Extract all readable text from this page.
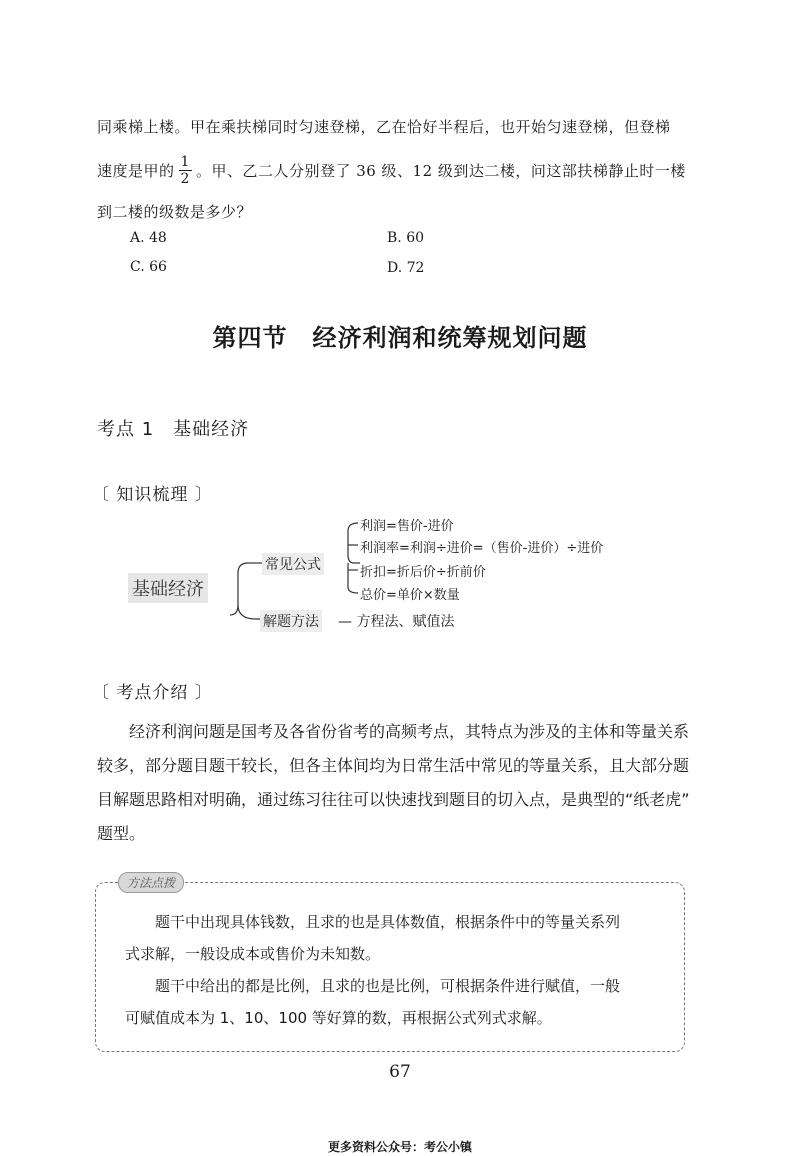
同乘梯上楼。甲在乘扶梯同时匀速登梯，乙在恰好半程后，也开始匀速登梯，但登梯
速度是甲的 $\frac{1}{2}$ 。甲、乙二人分别登了 36 级、12 级到达二楼，问这部扶梯静止时一楼
到二楼的级数是多少？
A. 48	B. 60
C. 66	D. 72
第四节　经济利润和统筹规划问题
考点 1　基础经济
〔 知识梳理 〕
基础经济
常见公式
利润=售价-进价
利润率=利润÷进价=（售价-进价）÷进价
折扣=折后价÷折前价
总价=单价×数量
解题方法 — 方程法、赋值法
〔 考点介绍 〕
经济利润问题是国考及各省份省考的高频考点，其特点为涉及的主体和等量关系
较多，部分题目题干较长，但各主体间均为日常生活中常见的等量关系，且大部分题
目解题思路相对明确，通过练习往往可以快速找到题目的切入点，是典型的“纸老虎”
题型。
方法点拨
题干中出现具体钱数，且求的也是具体数值，根据条件中的等量关系列
式求解，一般设成本或售价为未知数。
题干中给出的都是比例，且求的也是比例，可根据条件进行赋值，一般
可赋值成本为 1、10、100 等好算的数，再根据公式列式求解。
67
更多资料公众号：考公小镇
